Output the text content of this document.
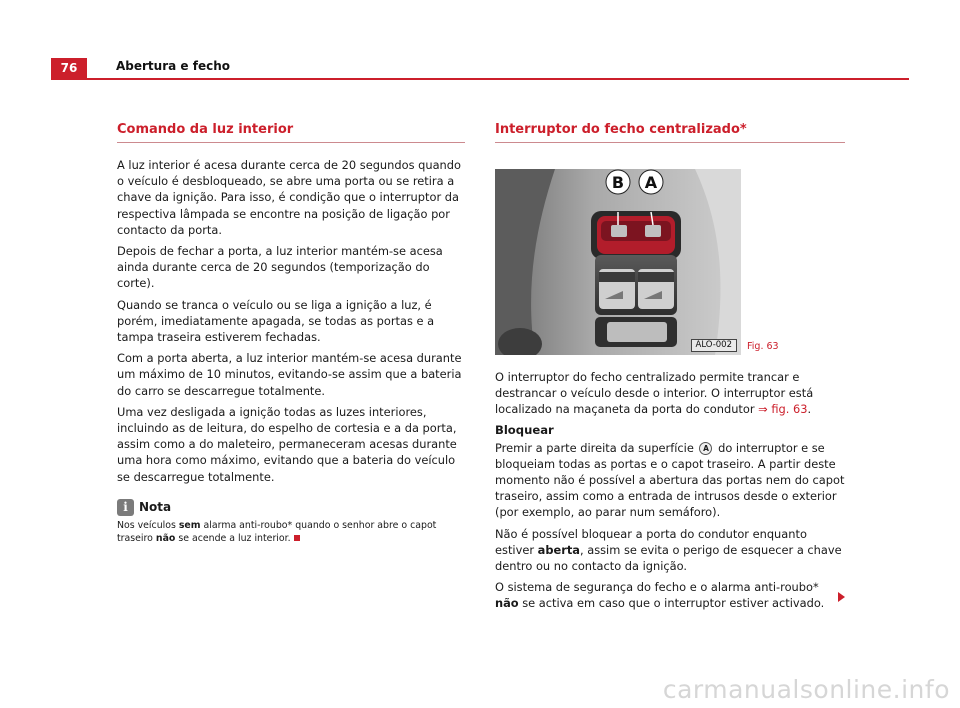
76	Abertura e fecho
Comando da luz interior

A luz interior é acesa durante cerca de 20 segundos quando o veículo é desbloqueado, se abre uma porta ou se retira a chave da ignição. Para isso, é condição que o interruptor da respectiva lâmpada se encontre na posição de ligação por contacto da porta.

Depois de fechar a porta, a luz interior mantém-se acesa ainda durante cerca de 20 segundos (temporização do corte).

Quando se tranca o veículo ou se liga a ignição a luz, é porém, imediatamente apagada, se todas as portas e a tampa traseira estiverem fechadas.

Com a porta aberta, a luz interior mantém-se acesa durante um máximo de 10 minutos, evitando-se assim que a bateria do carro se descarregue totalmente.

Uma vez desligada a ignição todas as luzes interiores, incluindo as de leitura, do espelho de cortesia e a da porta, assim como a do maleteiro, permaneceram acesas durante uma hora como máximo, evitando que a bateria do veículo se descarregue totalmente.

i Nota

Nos veículos sem alarma anti-roubo* quando o senhor abre o capot traseiro não se acende a luz interior.

Interruptor do fecho centralizado*
B A
ALO-002	Fig. 63

O interruptor do fecho centralizado permite trancar e destrancar o veículo desde o interior. O interruptor está localizado na maçaneta da porta do condutor ⇒ fig. 63.

Bloquear

Premir a parte direita da superfície A do interruptor e se bloqueiam todas as portas e o capot traseiro. A partir deste momento não é possível a abertura das portas nem do capot traseiro, assim como a entrada de intrusos desde o exterior (por exemplo, ao parar num semáforo).

Não é possível bloquear a porta do condutor enquanto estiver aberta, assim se evita o perigo de esquecer a chave dentro ou no contacto da ignição.

O sistema de segurança do fecho e o alarma anti-roubo* não se activa em caso que o interruptor estiver activado.

carmanualsonline.info
